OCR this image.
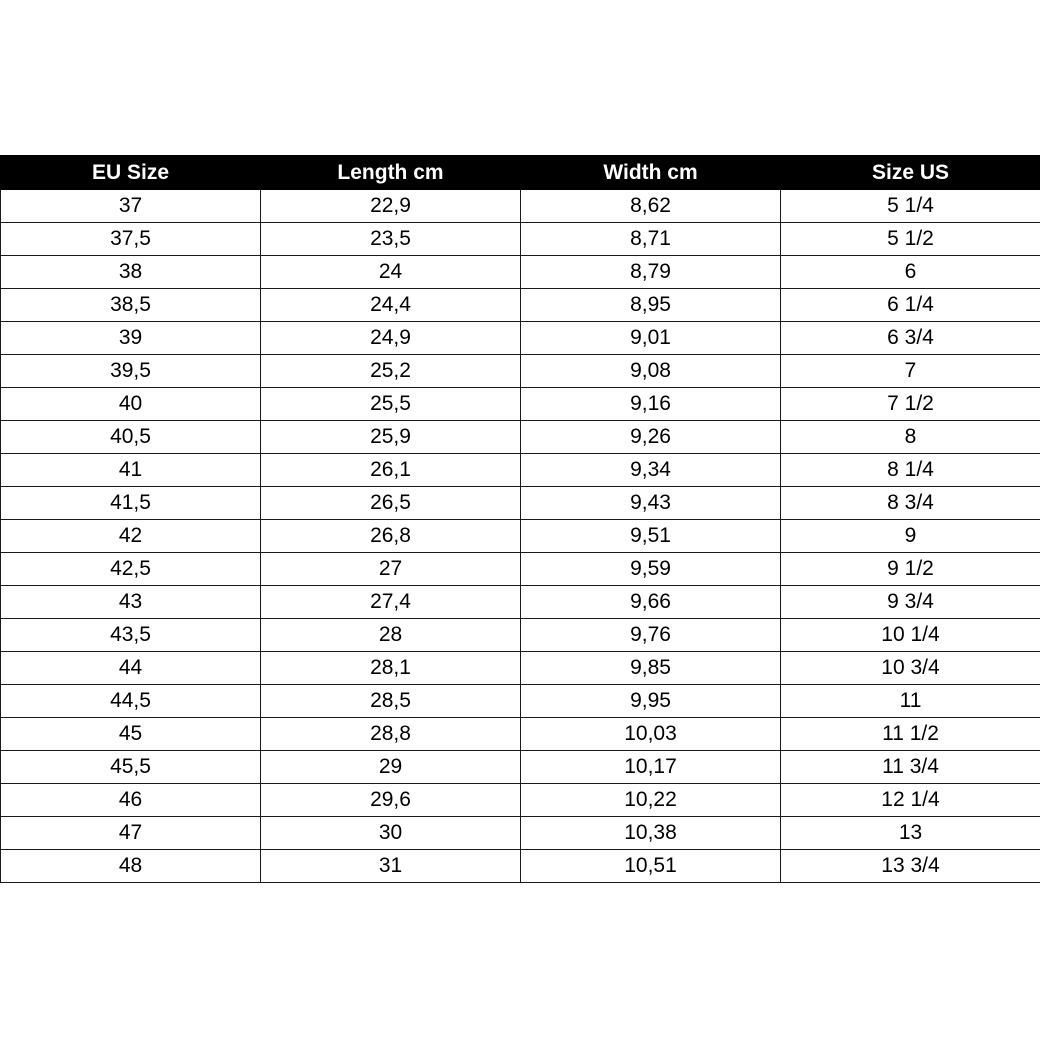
EU Size	Length cm	Width cm	Size US
37	22,9	8,62	5 1/4
37,5	23,5	8,71	5 1/2
38	24	8,79	6
38,5	24,4	8,95	6 1/4
39	24,9	9,01	6 3/4
39,5	25,2	9,08	7
40	25,5	9,16	7 1/2
40,5	25,9	9,26	8
41	26,1	9,34	8 1/4
41,5	26,5	9,43	8 3/4
42	26,8	9,51	9
42,5	27	9,59	9 1/2
43	27,4	9,66	9 3/4
43,5	28	9,76	10 1/4
44	28,1	9,85	10 3/4
44,5	28,5	9,95	11
45	28,8	10,03	11 1/2
45,5	29	10,17	11 3/4
46	29,6	10,22	12 1/4
47	30	10,38	13
48	31	10,51	13 3/4
